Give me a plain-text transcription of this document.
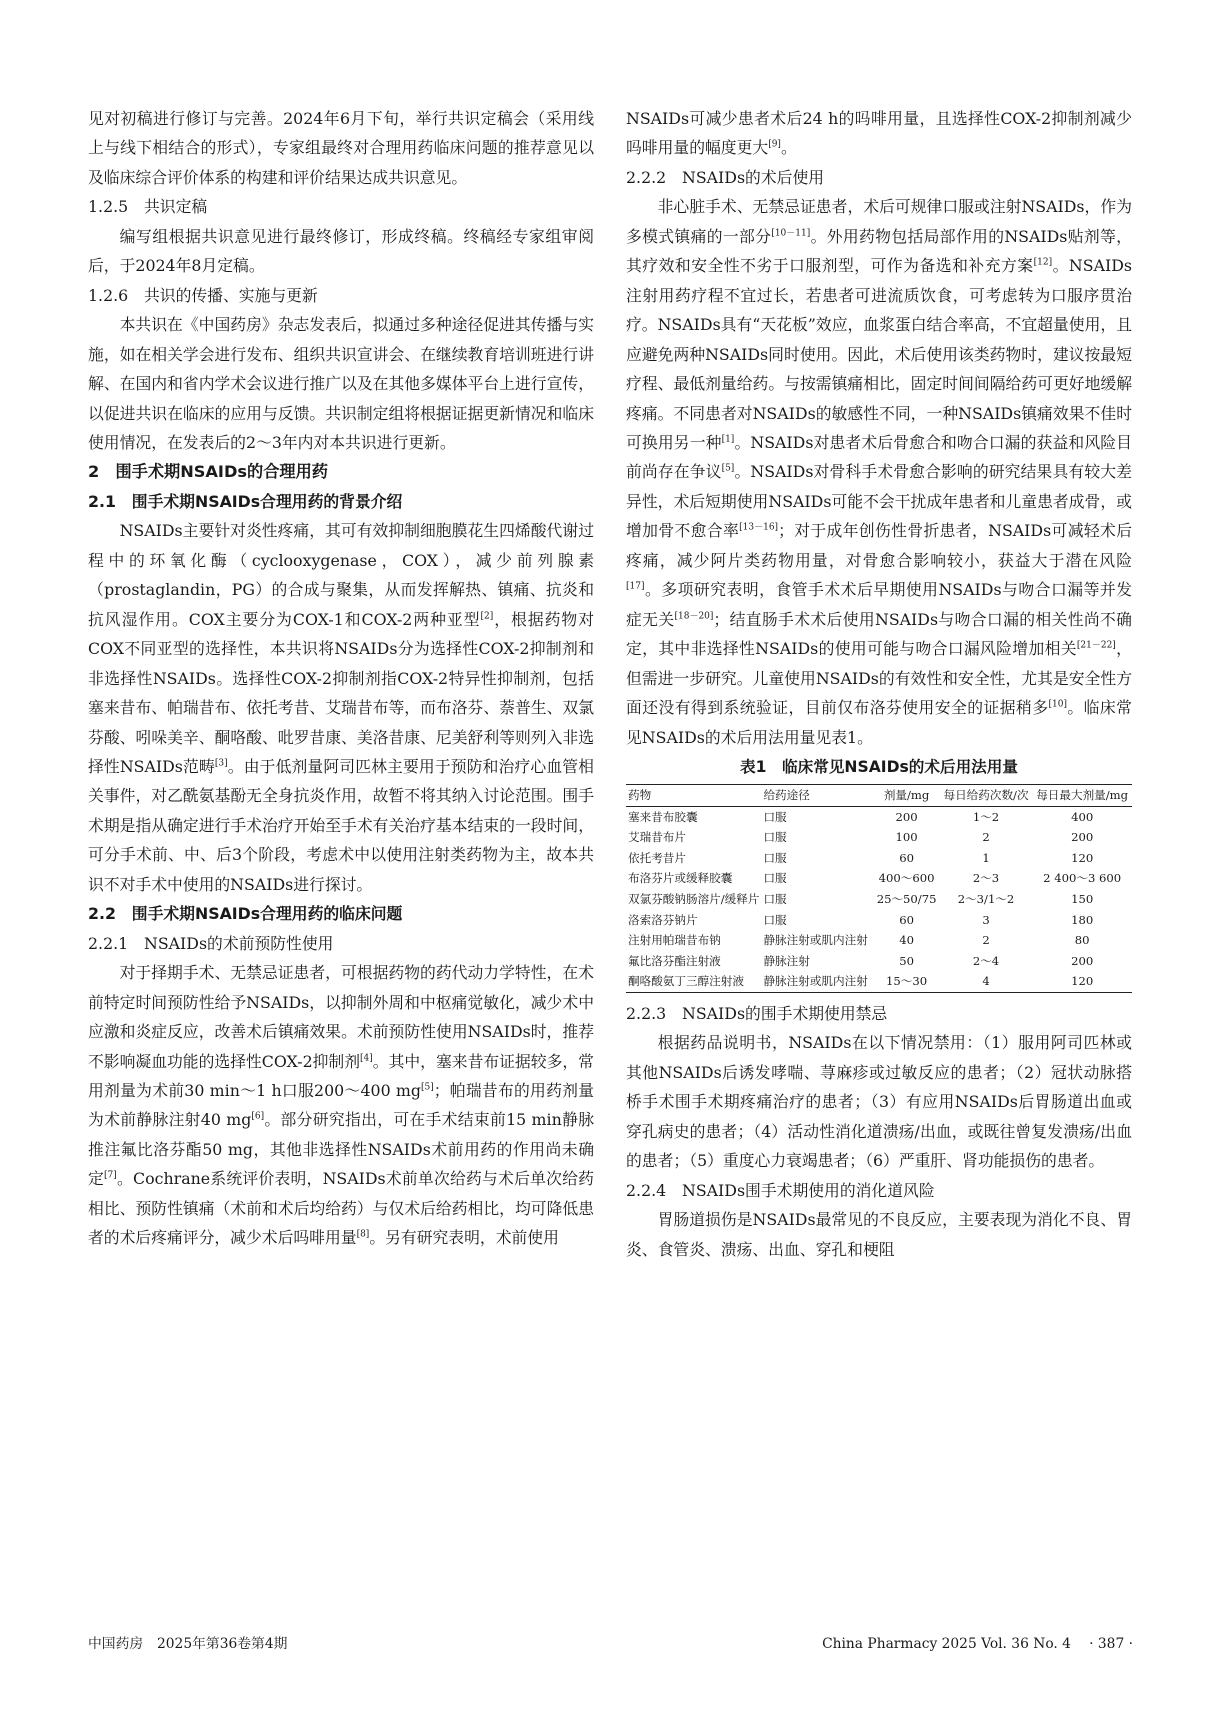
见对初稿进行修订与完善。2024年6月下旬，举行共识定稿会（采用线上与线下相结合的形式），专家组最终对合理用药临床问题的推荐意见以及临床综合评价体系的构建和评价结果达成共识意见。

1.2.5　共识定稿

编写组根据共识意见进行最终修订，形成终稿。终稿经专家组审阅后，于2024年8月定稿。

1.2.6　共识的传播、实施与更新

本共识在《中国药房》杂志发表后，拟通过多种途径促进其传播与实施，如在相关学会进行发布、组织共识宣讲会、在继续教育培训班进行讲解、在国内和省内学术会议进行推广以及在其他多媒体平台上进行宣传，以促进共识在临床的应用与反馈。共识制定组将根据证据更新情况和临床使用情况，在发表后的2～3年内对本共识进行更新。

2　围手术期NSAIDs的合理用药
2.1　围手术期NSAIDs合理用药的背景介绍

NSAIDs主要针对炎性疼痛，其可有效抑制细胞膜花生四烯酸代谢过程中的环氧化酶（cyclooxygenase，COX），减少前列腺素（prostaglandin，PG）的合成与聚集，从而发挥解热、镇痛、抗炎和抗风湿作用。COX主要分为COX-1和COX-2两种亚型[2]，根据药物对COX不同亚型的选择性，本共识将NSAIDs分为选择性COX-2抑制剂和非选择性NSAIDs。选择性COX-2抑制剂指COX-2特异性抑制剂，包括塞来昔布、帕瑞昔布、依托考昔、艾瑞昔布等，而布洛芬、萘普生、双氯芬酸、吲哚美辛、酮咯酸、吡罗昔康、美洛昔康、尼美舒利等则列入非选择性NSAIDs范畴[3]。由于低剂量阿司匹林主要用于预防和治疗心血管相关事件，对乙酰氨基酚无全身抗炎作用，故暂不将其纳入讨论范围。围手术期是指从确定进行手术治疗开始至手术有关治疗基本结束的一段时间，可分手术前、中、后3个阶段，考虑术中以使用注射类药物为主，故本共识不对手术中使用的NSAIDs进行探讨。

2.2　围手术期NSAIDs合理用药的临床问题
2.2.1　NSAIDs的术前预防性使用

对于择期手术、无禁忌证患者，可根据药物的药代动力学特性，在术前特定时间预防性给予NSAIDs，以抑制外周和中枢痛觉敏化，减少术中应激和炎症反应，改善术后镇痛效果。术前预防性使用NSAIDs时，推荐不影响凝血功能的选择性COX-2抑制剂[4]。其中，塞来昔布证据较多，常用剂量为术前30 min～1 h口服200～400 mg[5]；帕瑞昔布的用药剂量为术前静脉注射40 mg[6]。部分研究指出，可在手术结束前15 min静脉推注氟比洛芬酯50 mg，其他非选择性NSAIDs术前用药的作用尚未确定[7]。Cochrane系统评价表明，NSAIDs术前单次给药与术后单次给药相比、预防性镇痛（术前和术后均给药）与仅术后给药相比，均可降低患者的术后疼痛评分，减少术后吗啡用量[8]。另有研究表明，术前使用

NSAIDs可减少患者术后24 h的吗啡用量，且选择性COX-2抑制剂减少吗啡用量的幅度更大[9]。

2.2.2　NSAIDs的术后使用

非心脏手术、无禁忌证患者，术后可规律口服或注射NSAIDs，作为多模式镇痛的一部分[10－11]。外用药物包括局部作用的NSAIDs贴剂等，其疗效和安全性不劣于口服剂型，可作为备选和补充方案[12]。NSAIDs注射用药疗程不宜过长，若患者可进流质饮食，可考虑转为口服序贯治疗。NSAIDs具有“天花板”效应，血浆蛋白结合率高，不宜超量使用，且应避免两种NSAIDs同时使用。因此，术后使用该类药物时，建议按最短疗程、最低剂量给药。与按需镇痛相比，固定时间间隔给药可更好地缓解疼痛。不同患者对NSAIDs的敏感性不同，一种NSAIDs镇痛效果不佳时可换用另一种[1]。NSAIDs对患者术后骨愈合和吻合口漏的获益和风险目前尚存在争议[5]。NSAIDs对骨科手术骨愈合影响的研究结果具有较大差异性，术后短期使用NSAIDs可能不会干扰成年患者和儿童患者成骨，或增加骨不愈合率[13－16]；对于成年创伤性骨折患者，NSAIDs可减轻术后疼痛，减少阿片类药物用量，对骨愈合影响较小，获益大于潜在风险[17]。多项研究表明，食管手术术后早期使用NSAIDs与吻合口漏等并发症无关[18－20]；结直肠手术术后使用NSAIDs与吻合口漏的相关性尚不确定，其中非选择性NSAIDs的使用可能与吻合口漏风险增加相关[21－22]，但需进一步研究。儿童使用NSAIDs的有效性和安全性，尤其是安全性方面还没有得到系统验证，目前仅布洛芬使用安全的证据稍多[10]。临床常见NSAIDs的术后用法用量见表1。

表1　临床常见NSAIDs的术后用法用量
药物	给药途径	剂量/mg	每日给药次数/次	每日最大剂量/mg
塞来昔布胶囊	口服	200	1～2	400
艾瑞昔布片	口服	100	2	200
依托考昔片	口服	60	1	120
布洛芬片或缓释胶囊	口服	400～600	2～3	2 400～3 600
双氯芬酸钠肠溶片/缓释片	口服	25～50/75	2～3/1～2	150
洛索洛芬钠片	口服	60	3	180
注射用帕瑞昔布钠	静脉注射或肌内注射	40	2	80
氟比洛芬酯注射液	静脉注射	50	2～4	200
酮咯酸氨丁三醇注射液	静脉注射或肌内注射	15～30	4	120
2.2.3　NSAIDs的围手术期使用禁忌

根据药品说明书，NSAIDs在以下情况禁用：（1）服用阿司匹林或其他NSAIDs后诱发哮喘、荨麻疹或过敏反应的患者；（2）冠状动脉搭桥手术围手术期疼痛治疗的患者；（3）有应用NSAIDs后胃肠道出血或穿孔病史的患者；（4）活动性消化道溃疡/出血，或既往曾复发溃疡/出血的患者；（5）重度心力衰竭患者；（6）严重肝、肾功能损伤的患者。

2.2.4　NSAIDs围手术期使用的消化道风险

胃肠道损伤是NSAIDs最常见的不良反应，主要表现为消化不良、胃炎、食管炎、溃疡、出血、穿孔和梗阻

中国药房　2025年第36卷第4期	China Pharmacy 2025 Vol. 36 No. 4　 · 387 ·
